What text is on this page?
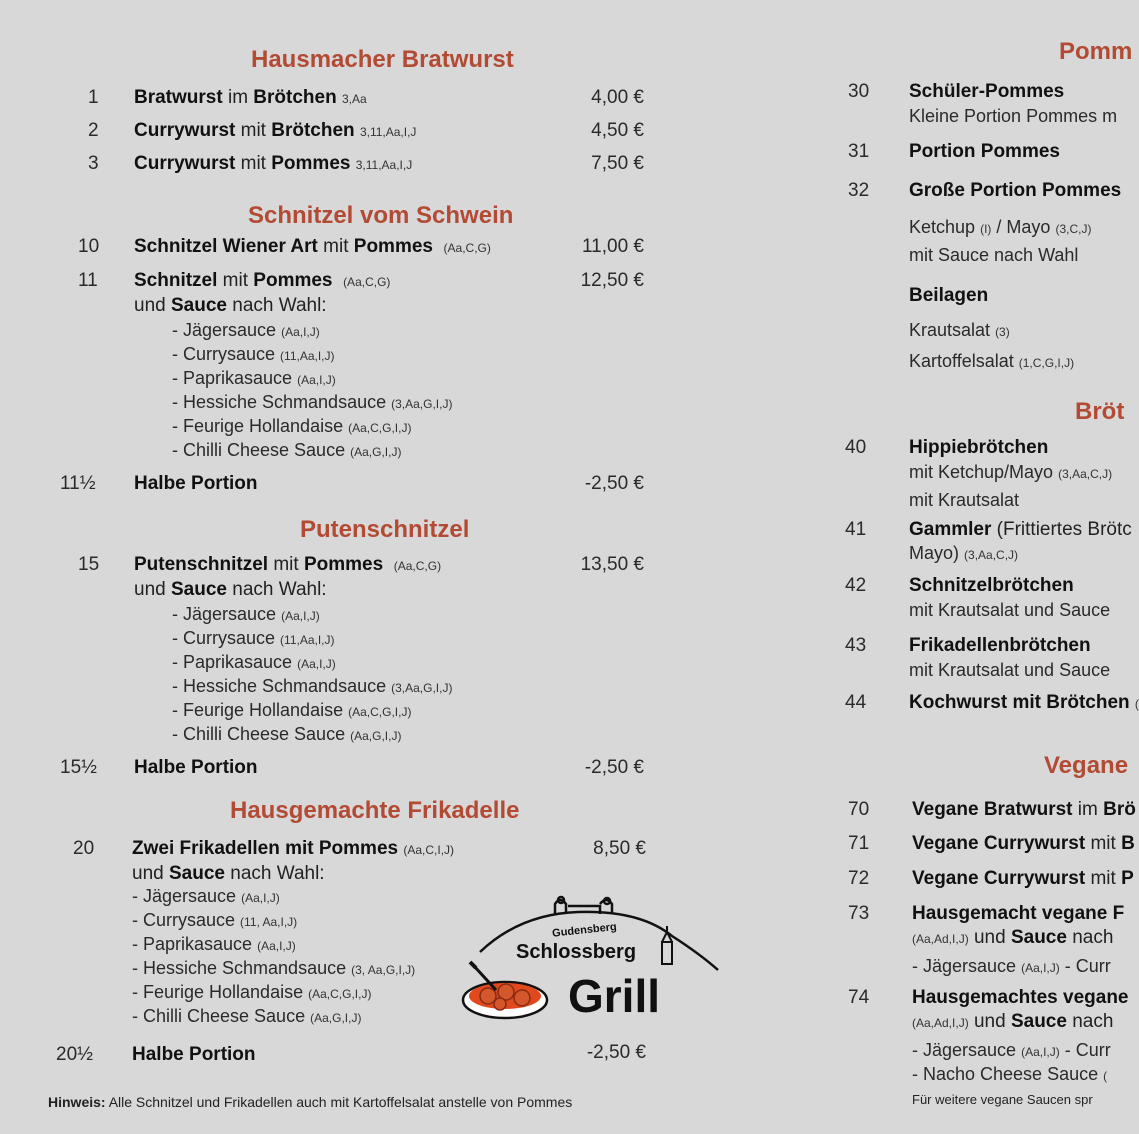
Hausmacher Bratwurst
1 Bratwurst im Brötchen 3,Aa	4,00 €
2 Currywurst mit Brötchen 3,11,Aa,I,J	4,50 €
3 Currywurst mit Pommes 3,11,Aa,I,J	7,50 €
Schnitzel vom Schwein
10 Schnitzel Wiener Art mit Pommes (Aa,C,G)	11,00 €
11 Schnitzel mit Pommes (Aa,C,G)	12,50 €
und Sauce nach Wahl:
- Jägersauce (Aa,I,J)
- Currysauce (11,Aa,I,J)
- Paprikasauce (Aa,I,J)
- Hessiche Schmandsauce (3,Aa,G,I,J)
- Feurige Hollandaise (Aa,C,G,I,J)
- Chilli Cheese Sauce (Aa,G,I,J)
11½ Halbe Portion	-2,50 €
Putenschnitzel
15 Putenschnitzel mit Pommes (Aa,C,G)	13,50 €
und Sauce nach Wahl:
- Jägersauce (Aa,I,J)
- Currysauce (11,Aa,I,J)
- Paprikasauce (Aa,I,J)
- Hessiche Schmandsauce (3,Aa,G,I,J)
- Feurige Hollandaise (Aa,C,G,I,J)
- Chilli Cheese Sauce (Aa,G,I,J)
15½ Halbe Portion	-2,50 €
Hausgemachte Frikadelle
20 Zwei Frikadellen mit Pommes (Aa,C,I,J)	8,50 €
und Sauce nach Wahl:
- Jägersauce (Aa,I,J)
- Currysauce (11, Aa,I,J)
- Paprikasauce (Aa,I,J)
- Hessiche Schmandsauce (3, Aa,G,I,J)
- Feurige Hollandaise (Aa,C,G,I,J)
- Chilli Cheese Sauce (Aa,G,I,J)
20½ Halbe Portion	-2,50 €
Hinweis: Alle Schnitzel und Frikadellen auch mit Kartoffelsalat anstelle von Pommes
Gudensberg
Schlossberg
Grill
Pomm
30 Schüler-Pommes
Kleine Portion Pommes m
31 Portion Pommes
32 Große Portion Pommes
Ketchup (I) / Mayo (3,C,J)
mit Sauce nach Wahl
Beilagen
Krautsalat (3)
Kartoffelsalat (1,C,G,I,J)
Bröt
40 Hippiebrötchen
mit Ketchup/Mayo (3,Aa,C,J)
mit Krautsalat
41 Gammler (Frittiertes Brötc
Mayo) (3,Aa,C,J)
42 Schnitzelbrötchen
mit Krautsalat und Sauce
43 Frikadellenbrötchen
mit Krautsalat und Sauce
44 Kochwurst mit Brötchen (
Vegane
70 Vegane Bratwurst im Brö
71 Vegane Currywurst mit B
72 Vegane Currywurst mit P
73 Hausgemacht vegane F
(Aa,Ad,I,J) und Sauce nach
- Jägersauce (Aa,I,J) - Curr
74 Hausgemachtes vegane
(Aa,Ad,I,J) und Sauce nach
- Jägersauce (Aa,I,J) - Curr
- Nacho Cheese Sauce (
Für weitere vegane Saucen spr
